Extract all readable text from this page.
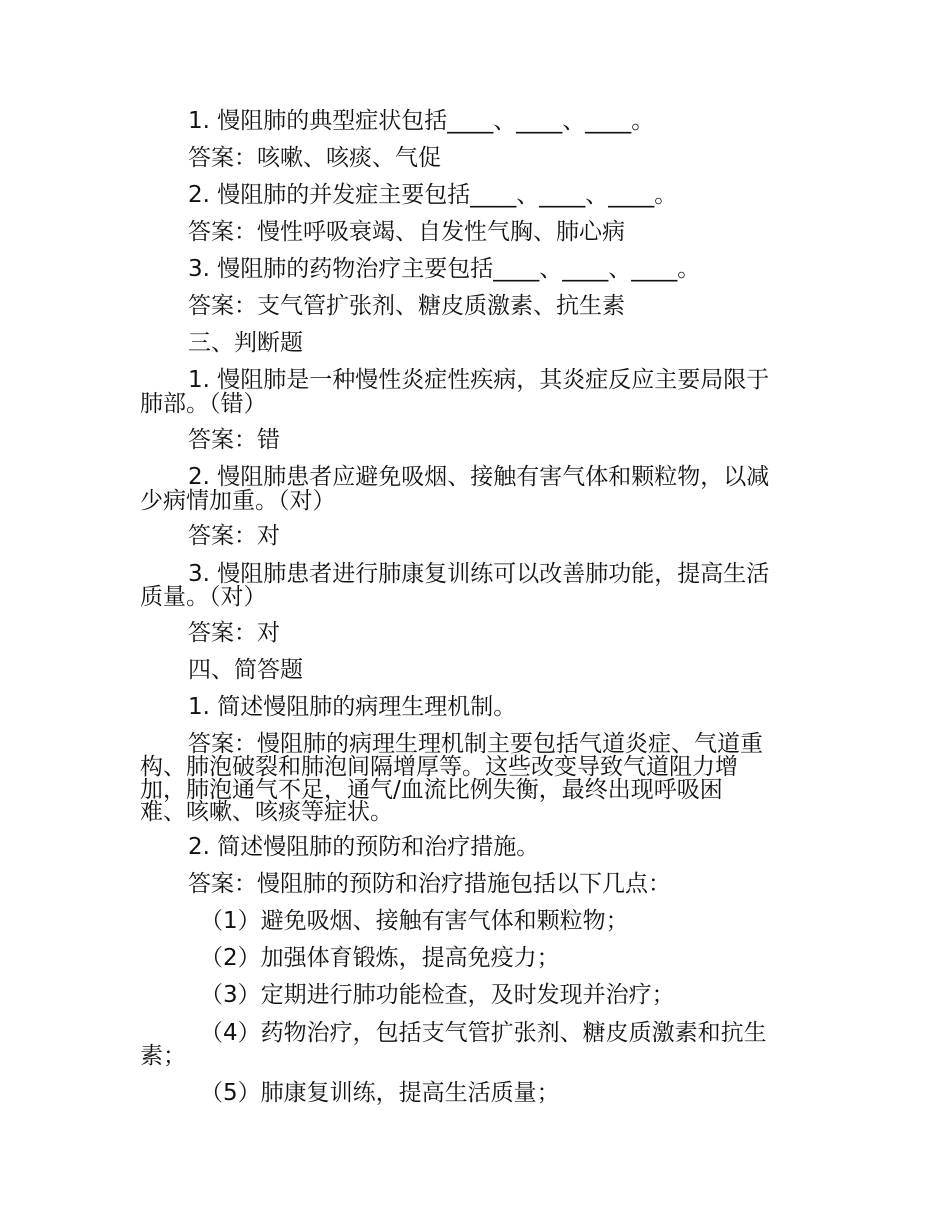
1. 慢阻肺的典型症状包括____、____、____。
答案：咳嗽、咳痰、气促
2. 慢阻肺的并发症主要包括____、____、____。
答案：慢性呼吸衰竭、自发性气胸、肺心病
3. 慢阻肺的药物治疗主要包括____、____、____。
答案：支气管扩张剂、糖皮质激素、抗生素
三、判断题
1. 慢阻肺是一种慢性炎症性疾病，其炎症反应主要局限于
肺部。（错）
答案：错
2. 慢阻肺患者应避免吸烟、接触有害气体和颗粒物，以减
少病情加重。（对）
答案：对
3. 慢阻肺患者进行肺康复训练可以改善肺功能，提高生活
质量。（对）
答案：对
四、简答题
1. 简述慢阻肺的病理生理机制。
答案：慢阻肺的病理生理机制主要包括气道炎症、气道重
构、肺泡破裂和肺泡间隔增厚等。这些改变导致气道阻力增
加，肺泡通气不足，通气/血流比例失衡，最终出现呼吸困
难、咳嗽、咳痰等症状。
2. 简述慢阻肺的预防和治疗措施。
答案：慢阻肺的预防和治疗措施包括以下几点：
（1）避免吸烟、接触有害气体和颗粒物；
（2）加强体育锻炼，提高免疫力；
（3）定期进行肺功能检查，及时发现并治疗；
（4）药物治疗，包括支气管扩张剂、糖皮质激素和抗生
素；
（5）肺康复训练，提高生活质量；
